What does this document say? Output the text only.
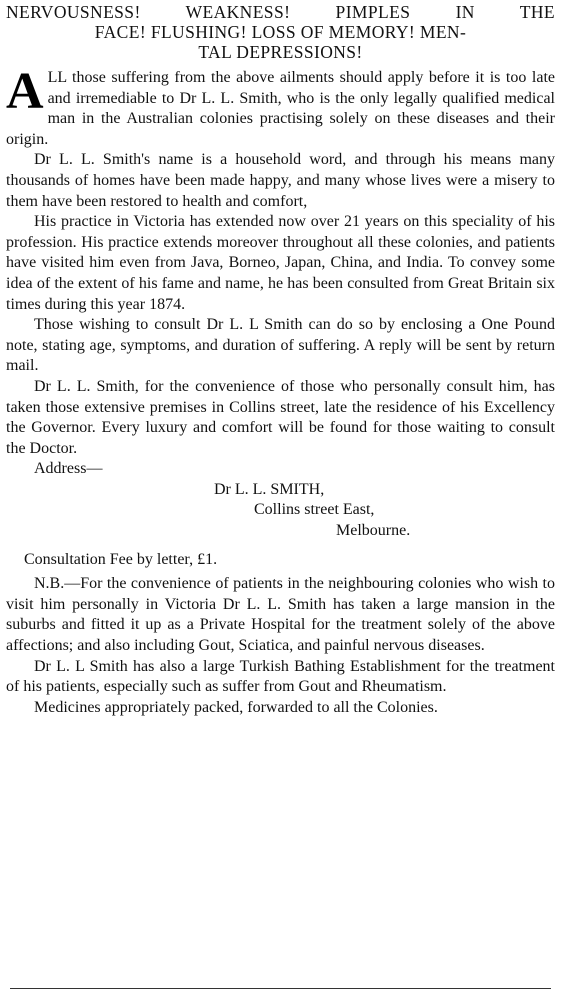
NERVOUSNESS! WEAKNESS! PIMPLES IN THE
FACE! FLUSHING! LOSS OF MEMORY! MEN-
TAL DEPRESSIONS!

ALL those suffering from the above ailments should apply before it is too late and irremediable to Dr L. L. Smith, who is the only legally qualified medical man in the Australian colonies practising solely on these diseases and their origin.

Dr L. L. Smith's name is a household word, and through his means many thousands of homes have been made happy, and many whose lives were a misery to them have been restored to health and comfort,

His practice in Victoria has extended now over 21 years on this speciality of his profession. His practice extends moreover throughout all these colonies, and patients have visited him even from Java, Borneo, Japan, China, and India. To convey some idea of the extent of his fame and name, he has been consulted from Great Britain six times during this year 1874.

Those wishing to consult Dr L. L Smith can do so by enclosing a One Pound note, stating age, symptoms, and duration of suffering. A reply will be sent by return mail.

Dr L. L. Smith, for the convenience of those who personally consult him, has taken those extensive premises in Collins street, late the residence of his Excellency the Governor. Every luxury and comfort will be found for those waiting to consult the Doctor.

Address—

Dr L. L. SMITH,

Collins street East,

Melbourne.

Consultation Fee by letter, £1.

N.B.—For the convenience of patients in the neighbouring colonies who wish to visit him personally in Victoria Dr L. L. Smith has taken a large mansion in the suburbs and fitted it up as a Private Hospital for the treatment solely of the above affections; and also including Gout, Sciatica, and painful nervous diseases.

Dr L. L Smith has also a large Turkish Bathing Establishment for the treatment of his patients, especially such as suffer from Gout and Rheumatism.

Medicines appropriately packed, forwarded to all the Colonies.
